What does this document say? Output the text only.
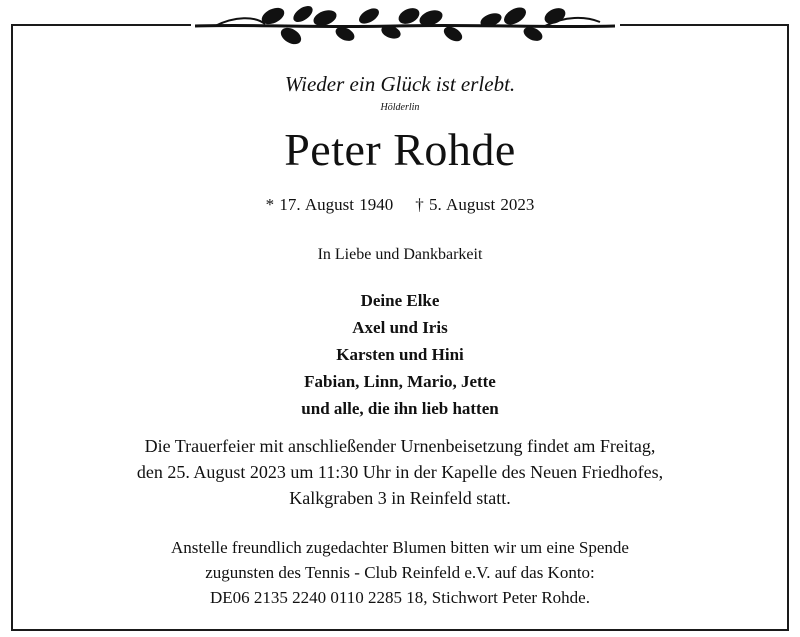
Wieder ein Glück ist erlebt.
Hölderlin
Peter Rohde
* 17. August 1940 † 5. August 2023
In Liebe und Dankbarkeit
Deine Elke
Axel und Iris
Karsten und Hini
Fabian, Linn, Mario, Jette
und alle, die ihn lieb hatten
Die Trauerfeier mit anschließender Urnenbeisetzung findet am Freitag,
den 25. August 2023 um 11:30 Uhr in der Kapelle des Neuen Friedhofes,
Kalkgraben 3 in Reinfeld statt.
Anstelle freundlich zugedachter Blumen bitten wir um eine Spende
zugunsten des Tennis - Club Reinfeld e.V. auf das Konto:
DE06 2135 2240 0110 2285 18, Stichwort Peter Rohde.
